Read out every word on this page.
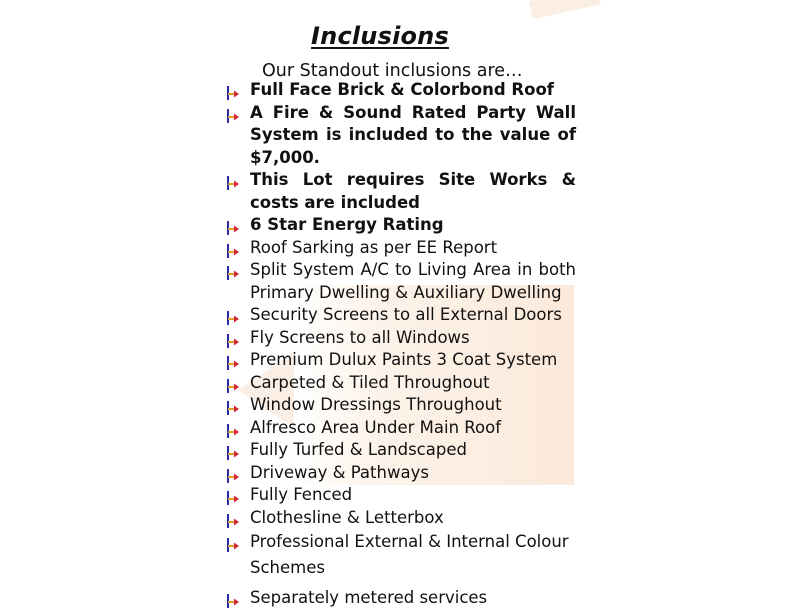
Inclusions
Our Standout inclusions are…
Full Face Brick & Colorbond Roof
A Fire & Sound Rated Party Wall System is included to the value of $7,000.
This Lot requires Site Works & costs are included
6 Star Energy Rating
Roof Sarking as per EE Report
Split System A/C to Living Area in both Primary Dwelling & Auxiliary Dwelling
Security Screens to all External Doors
Fly Screens to all Windows
Premium Dulux Paints 3 Coat System
Carpeted & Tiled Throughout
Window Dressings Throughout
Alfresco Area Under Main Roof
Fully Turfed & Landscaped
Driveway & Pathways
Fully Fenced
Clothesline & Letterbox
Professional External & Internal Colour Schemes
Separately metered services
